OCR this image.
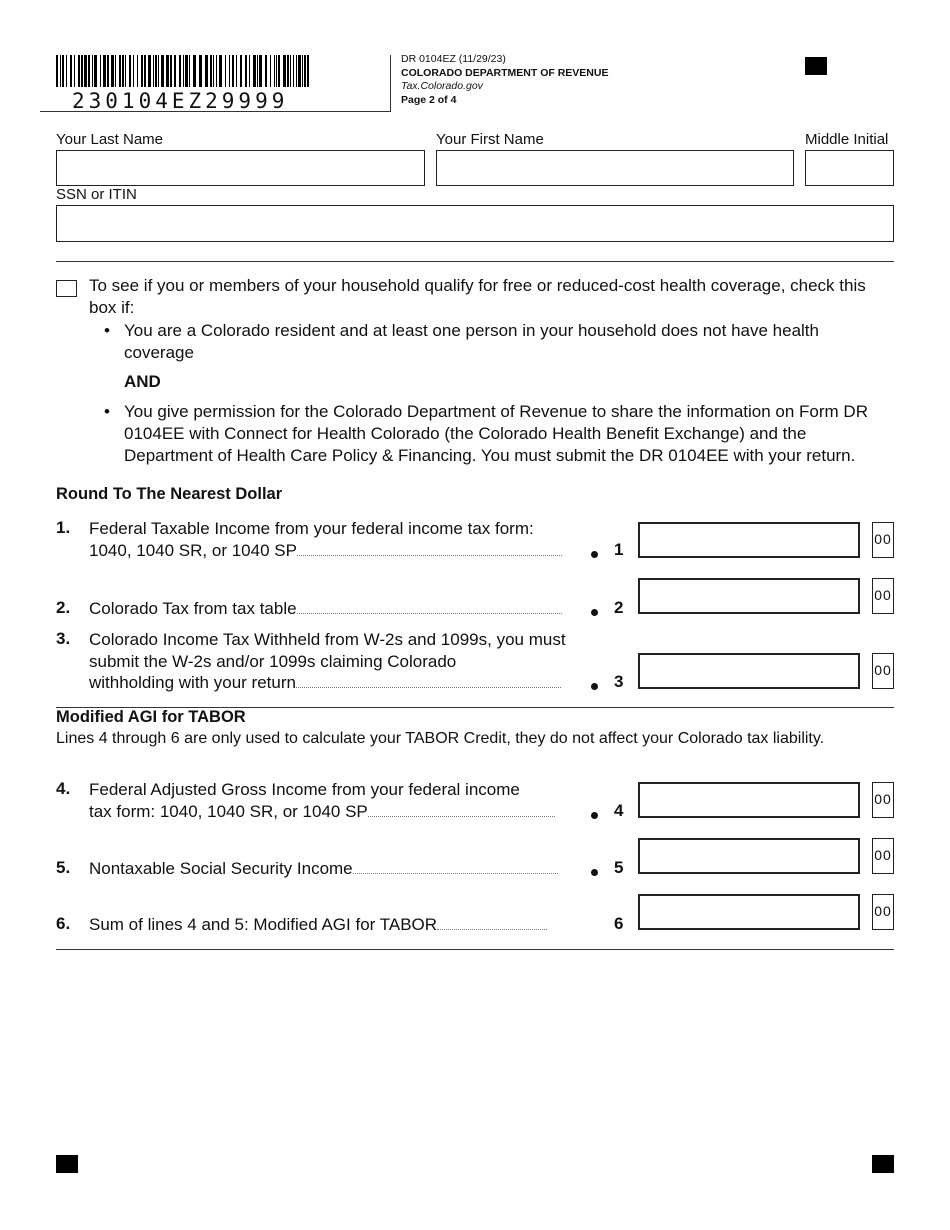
230104EZ29999
DR 0104EZ (11/29/23)
COLORADO DEPARTMENT OF REVENUE
Tax.Colorado.gov
Page 2 of 4
Your Last Name	Your First Name	Middle Initial
SSN or ITIN
To see if you or members of your household qualify for free or reduced-cost health coverage, check this box if:
• You are a Colorado resident and at least one person in your household does not have health coverage
AND
• You give permission for the Colorado Department of Revenue to share the information on Form DR 0104EE with Connect for Health Colorado (the Colorado Health Benefit Exchange) and the Department of Health Care Policy & Financing. You must submit the DR 0104EE with your return.
Round To The Nearest Dollar
1. Federal Taxable Income from your federal income tax form:
1040, 1040 SR, or 1040 SP	1
00
2. Colorado Tax from tax table	2
00
3. Colorado Income Tax Withheld from W-2s and 1099s, you must submit the W-2s and/or 1099s claiming Colorado
withholding with your return	3
00
4. Federal Adjusted Gross Income from your federal income
tax form: 1040, 1040 SR, or 1040 SP	4
00
5. Nontaxable Social Security Income	5
00
6. Sum of lines 4 and 5: Modified AGI for TABOR	6
00
Modified AGI for TABOR
Lines 4 through 6 are only used to calculate your TABOR Credit, they do not affect your Colorado tax liability.
